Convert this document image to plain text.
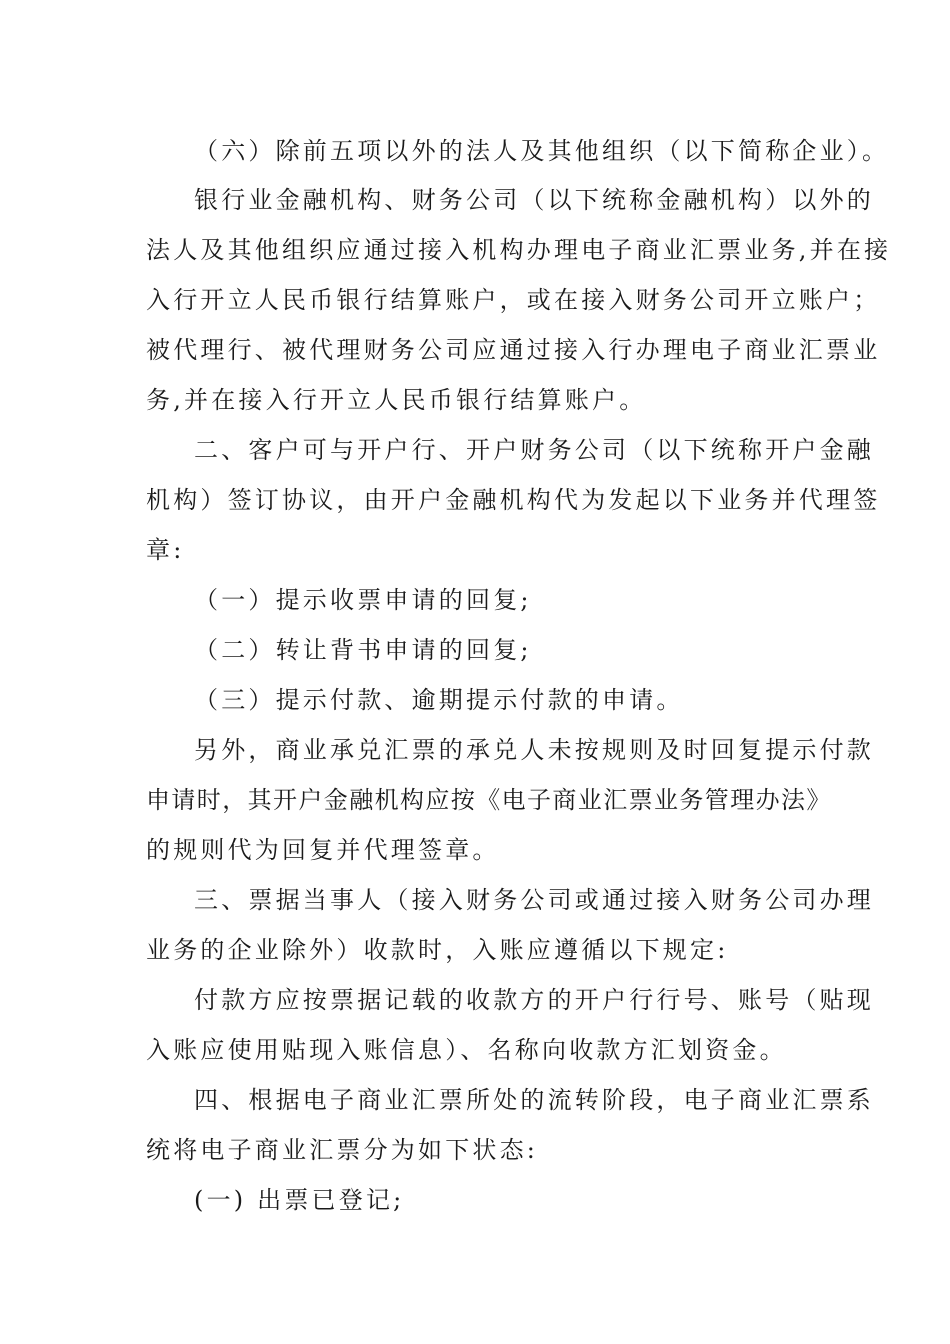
（六）除前五项以外的法人及其他组织（以下简称企业）。
银行业金融机构、财务公司（以下统称金融机构）以外的
法人及其他组织应通过接入机构办理电子商业汇票业务,并在接
入行开立人民币银行结算账户，或在接入财务公司开立账户；
被代理行、被代理财务公司应通过接入行办理电子商业汇票业
务,并在接入行开立人民币银行结算账户。
二、客户可与开户行、开户财务公司（以下统称开户金融
机构）签订协议，由开户金融机构代为发起以下业务并代理签
章:
（一）提示收票申请的回复;
（二）转让背书申请的回复;
（三）提示付款、逾期提示付款的申请。
另外，商业承兑汇票的承兑人未按规则及时回复提示付款
申请时，其开户金融机构应按《电子商业汇票业务管理办法》
的规则代为回复并代理签章。
三、票据当事人（接入财务公司或通过接入财务公司办理
业务的企业除外）收款时，入账应遵循以下规定:
付款方应按票据记载的收款方的开户行行号、账号（贴现
入账应使用贴现入账信息）、名称向收款方汇划资金。
四、根据电子商业汇票所处的流转阶段，电子商业汇票系
统将电子商业汇票分为如下状态:
(一) 出票已登记;
